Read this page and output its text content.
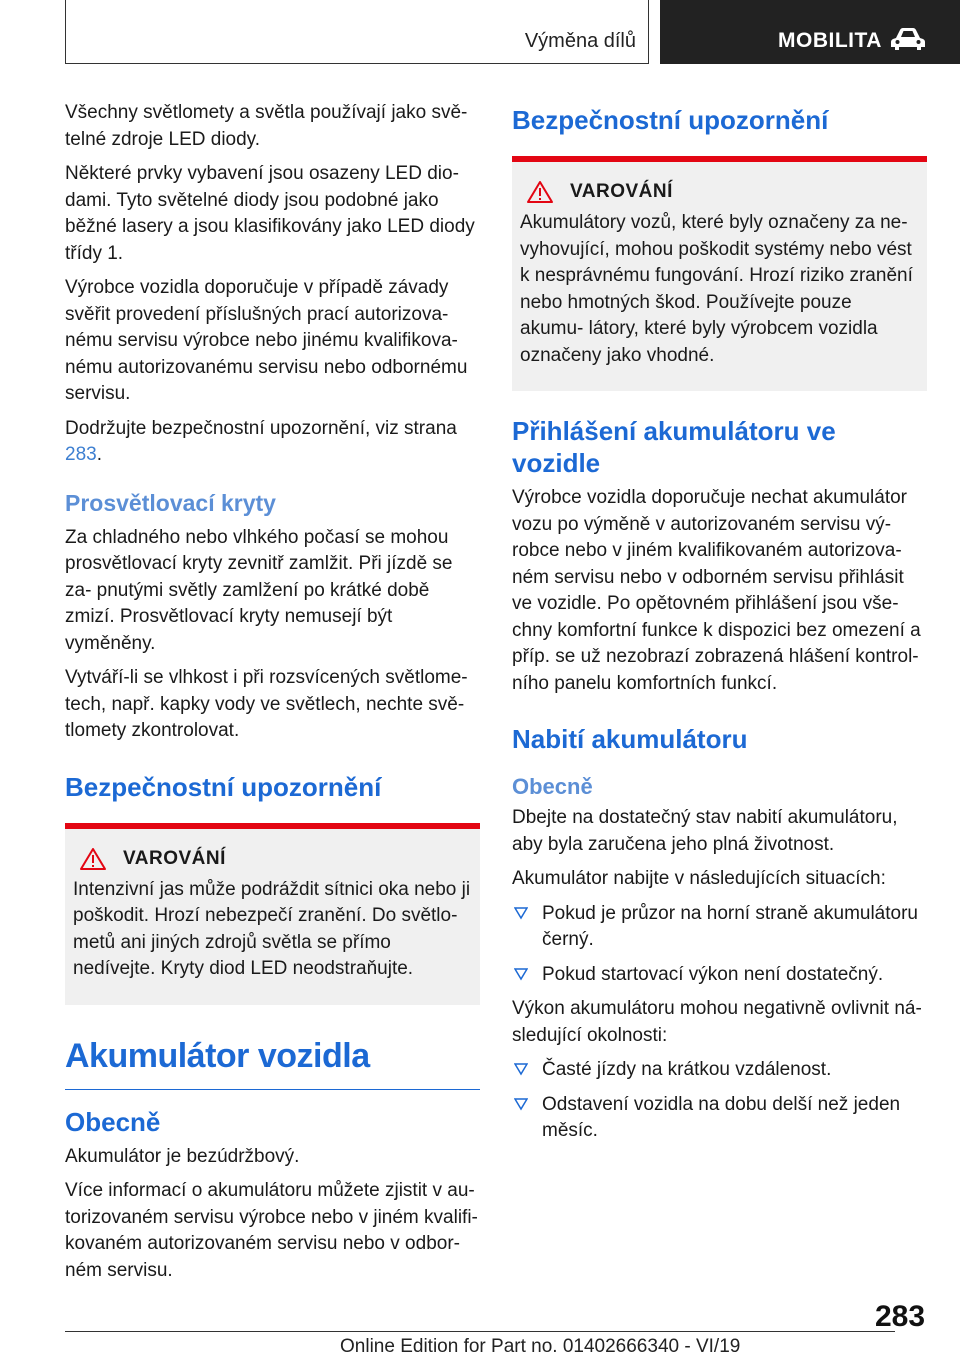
Výměna dílů	MOBILITA

Všechny světlomety a světla používají jako svě‐ telné zdroje LED diody.

Některé prvky vybavení jsou osazeny LED dio‐ dami. Tyto světelné diody jsou podobné jako běžné lasery a jsou klasifikovány jako LED diody třídy 1.

Výrobce vozidla doporučuje v případě závady svěřit provedení příslušných prací autorizova‐ nému servisu výrobce nebo jinému kvalifikova‐ nému autorizovanému servisu nebo odbornému servisu.

Dodržujte bezpečnostní upozornění, viz strana 283.

Prosvětlovací kryty

Za chladného nebo vlhkého počasí se mohou prosvětlovací kryty zevnitř zamlžit. Při jízdě se za‐ pnutými světly zamlžení po krátké době zmizí. Prosvětlovací kryty nemusejí být vyměněny.

Vytváří-li se vlhkost i při rozsvícených světlome‐ tech, např. kapky vody ve světlech, nechte svě‐ tlomety zkontrolovat.

Bezpečnostní upozornění
VAROVÁNÍ

Intenzivní jas může podráždit sítnici oka nebo ji poškodit. Hrozí nebezpečí zranění. Do světlo‐ metů ani jiných zdrojů světla se přímo nedívejte. Kryty diod LED neodstraňujte.

Akumulátor vozidla
Obecně

Akumulátor je bezúdržbový.

Více informací o akumulátoru můžete zjistit v au‐ torizovaném servisu výrobce nebo v jiném kvalifi‐ kovaném autorizovaném servisu nebo v odbor‐ ném servisu.

Bezpečnostní upozornění
VAROVÁNÍ

Akumulátory vozů, které byly označeny za ne‐ vyhovující, mohou poškodit systémy nebo vést k nesprávnému fungování. Hrozí riziko zranění nebo hmotných škod. Používejte pouze akumu‐ látory, které byly výrobcem vozidla označeny jako vhodné.

Přihlášení akumulátoru ve vozidle

Výrobce vozidla doporučuje nechat akumulátor vozu po výměně v autorizovaném servisu vý‐ robce nebo v jiném kvalifikovaném autorizova‐ ném servisu nebo v odborném servisu přihlásit ve vozidle. Po opětovném přihlášení jsou vše‐ chny komfortní funkce k dispozici bez omezení a příp. se už nezobrazí zobrazená hlášení kontrol‐ ního panelu komfortních funkcí.

Nabití akumulátoru
Obecně

Dbejte na dostatečný stav nabití akumulátoru, aby byla zaručena jeho plná životnost.

Akumulátor nabijte v následujících situacích:

Pokud je průzor na horní straně akumulátoru černý.
Pokud startovací výkon není dostatečný.

Výkon akumulátoru mohou negativně ovlivnit ná‐ sledující okolnosti:

Časté jízdy na krátkou vzdálenost.
Odstavení vozidla na dobu delší než jeden měsíc.
283
Online Edition for Part no. 01402666340 - VI/19
